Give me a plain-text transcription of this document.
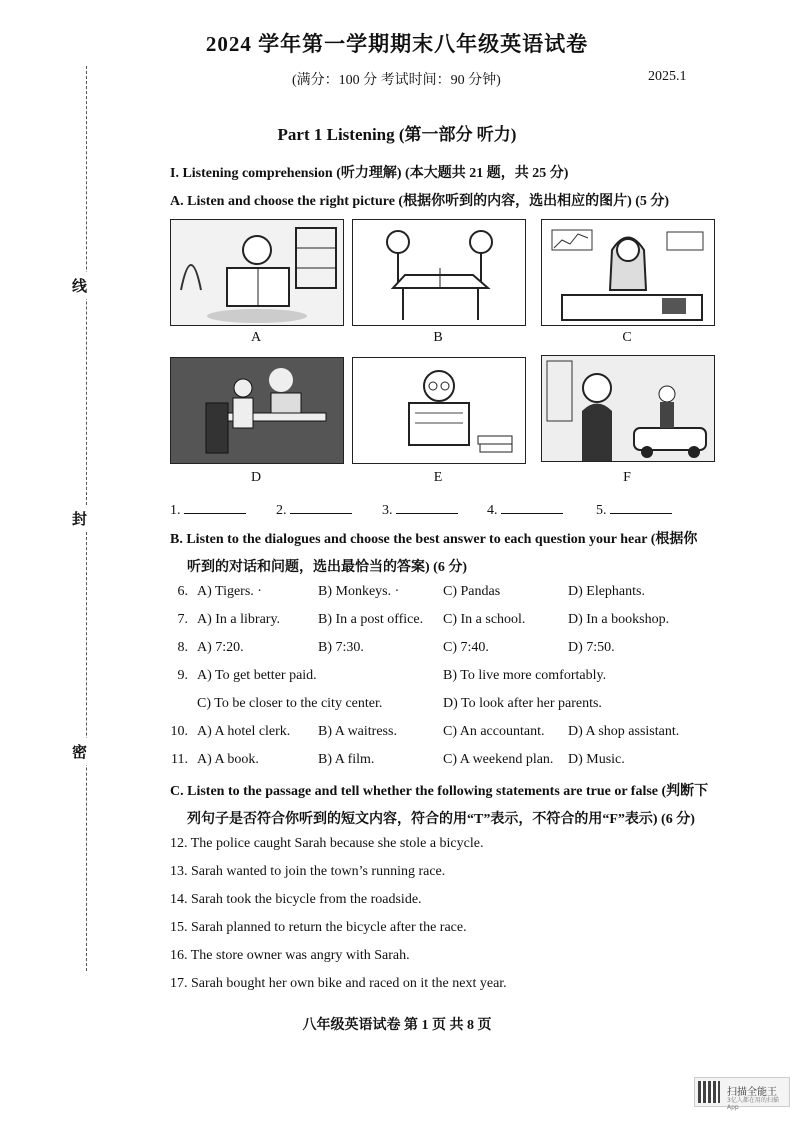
线
封
密
2024 学年第一学期期末八年级英语试卷
(满分：100 分 考试时间：90 分钟)	2025.1
Part 1 Listening (第一部分 听力)
I. Listening comprehension (听力理解) (本大题共 21 题，共 25 分)
A. Listen and choose the right picture (根据你听到的内容，选出相应的图片) (5 分)
A	B	C
D	E	F
1.	2.	3.	4.	5.
B. Listen to the dialogues and choose the best answer to each question your hear (根据你
听到的对话和问题，选出最恰当的答案) (6 分)
6. A) Tigers. ·	B) Monkeys. ·	C) Pandas	D) Elephants.
7. A) In a library.	B) In a post office. C) In a school.	D) In a bookshop.
8. A) 7:20.	B) 7:30.	C) 7:40.	D) 7:50.
9. A) To get better paid.	B) To live more comfortably.
C) To be closer to the city center.	D) To look after her parents.
10. A) A hotel clerk. B) A waitress.	C) An accountant. D) A shop assistant.
11. A) A book.	B) A film.	C) A weekend plan. D) Music.
C. Listen to the passage and tell whether the following statements are true or false (判断下
列句子是否符合你听到的短文内容，符合的用“T”表示，不符合的用“F”表示) (6 分)
12. The police caught Sarah because she stole a bicycle.
13. Sarah wanted to join the town’s running race.
14. Sarah took the bicycle from the roadside.
15. Sarah planned to return the bicycle after the race.
16. The store owner was angry with Sarah.
17. Sarah bought her own bike and raced on it the next year.
八年级英语试卷 第 1 页 共 8 页
扫描全能王
3亿人都在用的扫描App
